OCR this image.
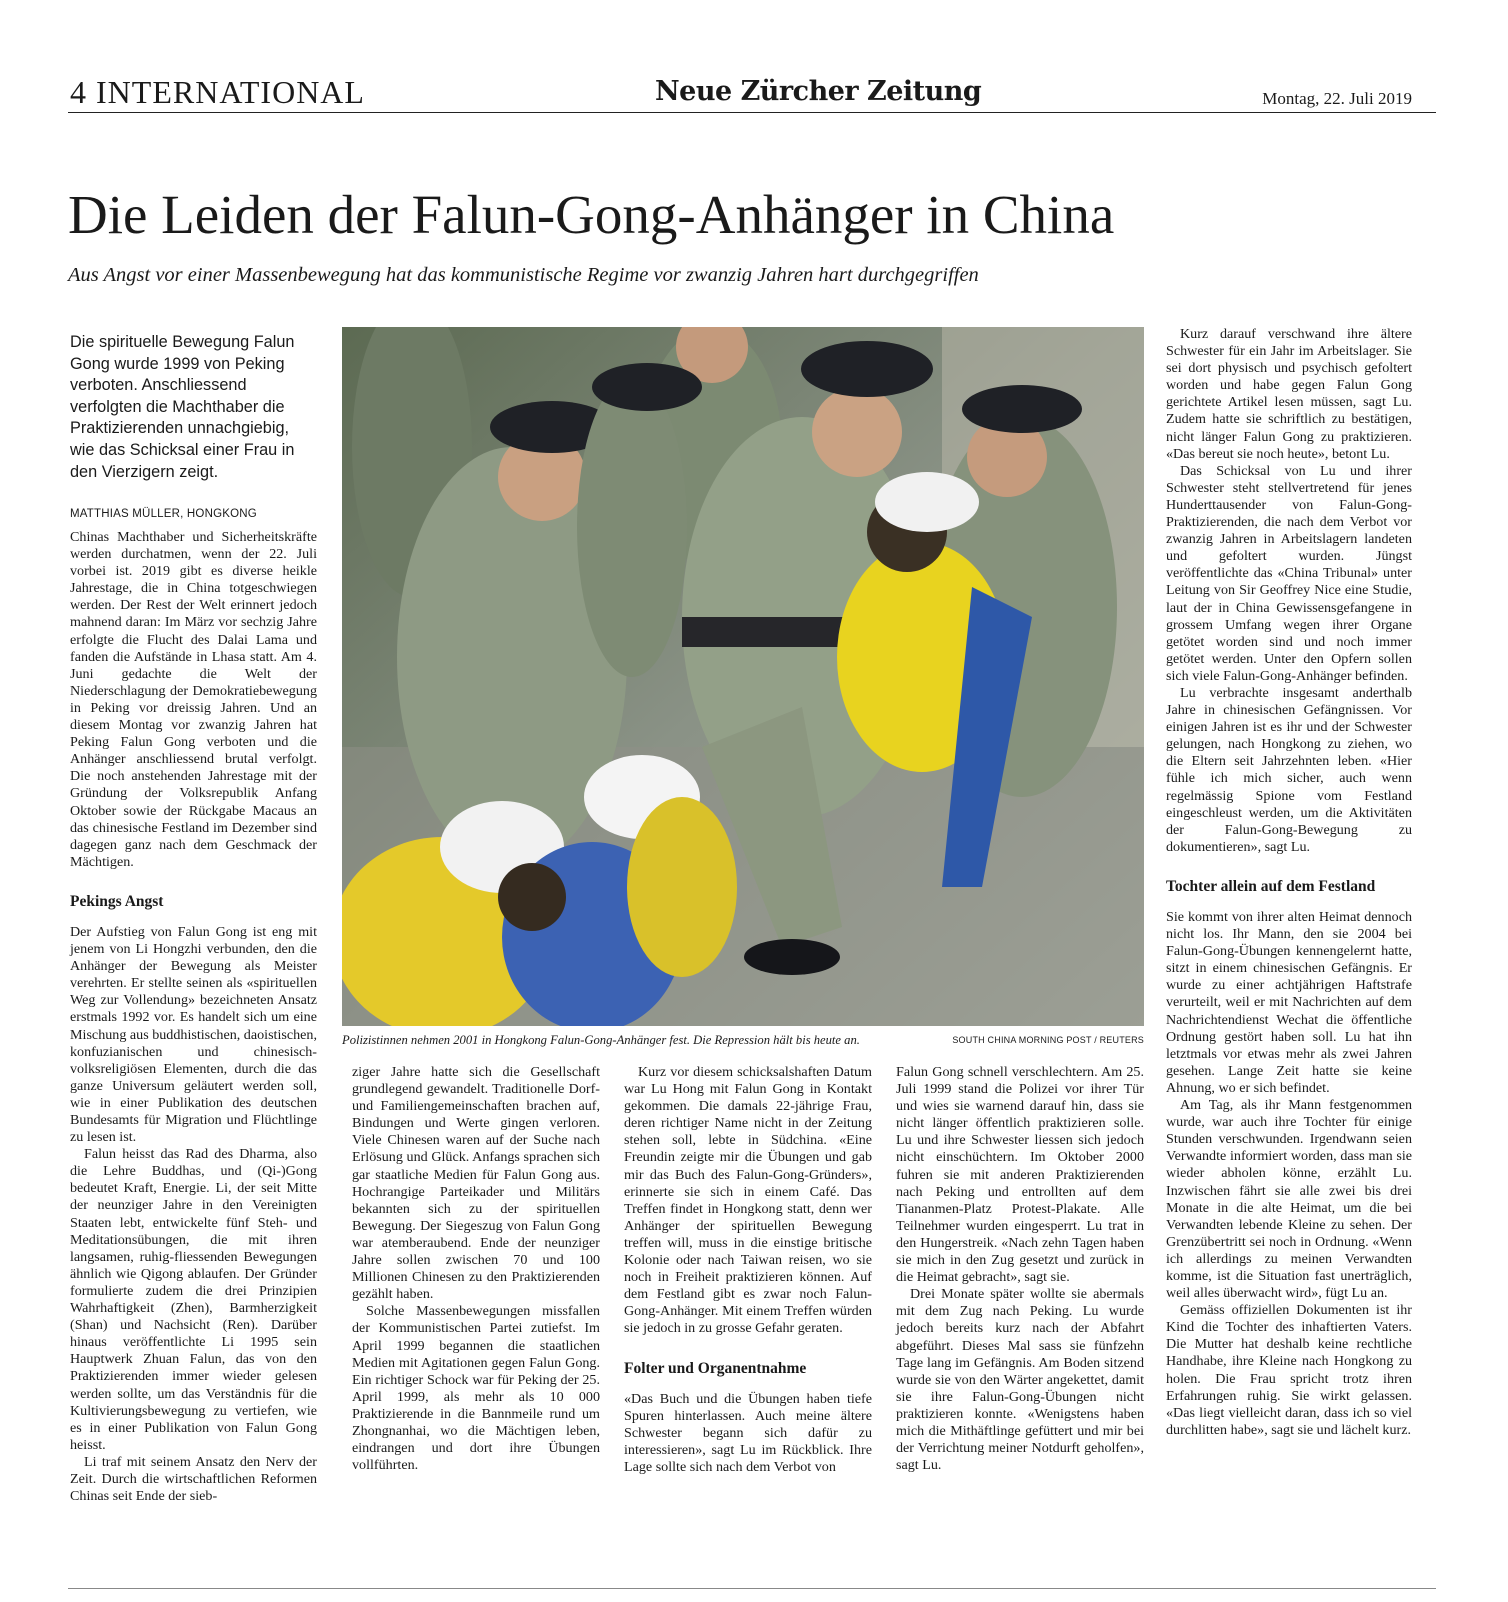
4 INTERNATIONAL	Neue Zürcher Zeitung	Montag, 22. Juli 2019
Die Leiden der Falun-Gong-Anhänger in China
Aus Angst vor einer Massenbewegung hat das kommunistische Regime vor zwanzig Jahren hart durchgegriffen
Die spirituelle Bewegung Falun Gong wurde 1999 von Peking verboten. Anschliessend verfolgten die Machthaber die Praktizierenden unnachgiebig, wie das Schicksal einer Frau in den Vierzigern zeigt.
MATTHIAS MÜLLER, HONGKONG

Chinas Machthaber und Sicherheitskräfte werden durchatmen, wenn der 22. Juli vorbei ist. 2019 gibt es diverse heikle Jahrestage, die in China totgeschwiegen werden. Der Rest der Welt erinnert jedoch mahnend daran: Im März vor sechzig Jahre erfolgte die Flucht des Dalai Lama und fanden die Aufstände in Lhasa statt. Am 4. Juni gedachte die Welt der Niederschlagung der Demokratiebewegung in Peking vor dreissig Jahren. Und an diesem Montag vor zwanzig Jahren hat Peking Falun Gong verboten und die Anhänger anschliessend brutal verfolgt. Die noch anstehenden Jahrestage mit der Gründung der Volksrepublik Anfang Oktober sowie der Rückgabe Macaus an das chinesische Festland im Dezember sind dagegen ganz nach dem Geschmack der Mächtigen.

Pekings Angst

Der Aufstieg von Falun Gong ist eng mit jenem von Li Hongzhi verbunden, den die Anhänger der Bewegung als Meister verehrten. Er stellte seinen als «spirituellen Weg zur Vollendung» bezeichneten Ansatz erstmals 1992 vor. Es handelt sich um eine Mischung aus buddhistischen, daoistischen, konfuzianischen und chinesisch-volksreligiösen Elementen, durch die das ganze Universum geläutert werden soll, wie in einer Publikation des deutschen Bundesamts für Migration und Flüchtlinge zu lesen ist.

Falun heisst das Rad des Dharma, also die Lehre Buddhas, und (Qi-)Gong bedeutet Kraft, Energie. Li, der seit Mitte der neunziger Jahre in den Vereinigten Staaten lebt, entwickelte fünf Steh- und Meditationsübungen, die mit ihren langsamen, ruhig-fliessenden Bewegungen ähnlich wie Qigong ablaufen. Der Gründer formulierte zudem die drei Prinzipien Wahrhaftigkeit (Zhen), Barmherzigkeit (Shan) und Nachsicht (Ren). Darüber hinaus veröffentlichte Li 1995 sein Hauptwerk Zhuan Falun, das von den Praktizierenden immer wieder gelesen werden sollte, um das Verständnis für die Kultivierungsbewegung zu vertiefen, wie es in einer Publikation von Falun Gong heisst.

Li traf mit seinem Ansatz den Nerv der Zeit. Durch die wirtschaftlichen Reformen Chinas seit Ende der sieb-

Polizistinnen nehmen 2001 in Hongkong Falun-Gong-Anhänger fest. Die Repression hält bis heute an.	SOUTH CHINA MORNING POST / REUTERS

ziger Jahre hatte sich die Gesellschaft grundlegend gewandelt. Traditionelle Dorf- und Familiengemeinschaften brachen auf, Bindungen und Werte gingen verloren. Viele Chinesen waren auf der Suche nach Erlösung und Glück. Anfangs sprachen sich gar staatliche Medien für Falun Gong aus. Hochrangige Parteikader und Militärs bekannten sich zu der spirituellen Bewegung. Der Siegeszug von Falun Gong war atemberaubend. Ende der neunziger Jahre sollen zwischen 70 und 100 Millionen Chinesen zu den Praktizierenden gezählt haben.

Solche Massenbewegungen missfallen der Kommunistischen Partei zutiefst. Im April 1999 begannen die staatlichen Medien mit Agitationen gegen Falun Gong. Ein richtiger Schock war für Peking der 25. April 1999, als mehr als 10 000 Praktizierende in die Bannmeile rund um Zhongnanhai, wo die Mächtigen leben, eindrangen und dort ihre Übungen vollführten.

Kurz vor diesem schicksalshaften Datum war Lu Hong mit Falun Gong in Kontakt gekommen. Die damals 22-jährige Frau, deren richtiger Name nicht in der Zeitung stehen soll, lebte in Südchina. «Eine Freundin zeigte mir die Übungen und gab mir das Buch des Falun-Gong-Gründers», erinnerte sie sich in einem Café. Das Treffen findet in Hongkong statt, denn wer Anhänger der spirituellen Bewegung treffen will, muss in die einstige britische Kolonie oder nach Taiwan reisen, wo sie noch in Freiheit praktizieren können. Auf dem Festland gibt es zwar noch Falun-Gong-Anhänger. Mit einem Treffen würden sie jedoch in zu grosse Gefahr geraten.

Folter und Organentnahme

«Das Buch und die Übungen haben tiefe Spuren hinterlassen. Auch meine ältere Schwester begann sich dafür zu interessieren», sagt Lu im Rückblick. Ihre Lage sollte sich nach dem Verbot von

Falun Gong schnell verschlechtern. Am 25. Juli 1999 stand die Polizei vor ihrer Tür und wies sie warnend darauf hin, dass sie nicht länger öffentlich praktizieren solle. Lu und ihre Schwester liessen sich jedoch nicht einschüchtern. Im Oktober 2000 fuhren sie mit anderen Praktizierenden nach Peking und entrollten auf dem Tiananmen-Platz Protest-Plakate. Alle Teilnehmer wurden eingesperrt. Lu trat in den Hungerstreik. «Nach zehn Tagen haben sie mich in den Zug gesetzt und zurück in die Heimat gebracht», sagt sie.

Drei Monate später wollte sie abermals mit dem Zug nach Peking. Lu wurde jedoch bereits kurz nach der Abfahrt abgeführt. Dieses Mal sass sie fünfzehn Tage lang im Gefängnis. Am Boden sitzend wurde sie von den Wärter angekettet, damit sie ihre Falun-Gong-Übungen nicht praktizieren konnte. «Wenigstens haben mich die Mithäftlinge gefüttert und mir bei der Verrichtung meiner Notdurft geholfen», sagt Lu.

Kurz darauf verschwand ihre ältere Schwester für ein Jahr im Arbeitslager. Sie sei dort physisch und psychisch gefoltert worden und habe gegen Falun Gong gerichtete Artikel lesen müssen, sagt Lu. Zudem hatte sie schriftlich zu bestätigen, nicht länger Falun Gong zu praktizieren. «Das bereut sie noch heute», betont Lu.

Das Schicksal von Lu und ihrer Schwester steht stellvertretend für jenes Hunderttausender von Falun-Gong-Praktizierenden, die nach dem Verbot vor zwanzig Jahren in Arbeitslagern landeten und gefoltert wurden. Jüngst veröffentlichte das «China Tribunal» unter Leitung von Sir Geoffrey Nice eine Studie, laut der in China Gewissensgefangene in grossem Umfang wegen ihrer Organe getötet worden sind und noch immer getötet werden. Unter den Opfern sollen sich viele Falun-Gong-Anhänger befinden.

Lu verbrachte insgesamt anderthalb Jahre in chinesischen Gefängnissen. Vor einigen Jahren ist es ihr und der Schwester gelungen, nach Hongkong zu ziehen, wo die Eltern seit Jahrzehnten leben. «Hier fühle ich mich sicher, auch wenn regelmässig Spione vom Festland eingeschleust werden, um die Aktivitäten der Falun-Gong-Bewegung zu dokumentieren», sagt Lu.

Tochter allein auf dem Festland

Sie kommt von ihrer alten Heimat dennoch nicht los. Ihr Mann, den sie 2004 bei Falun-Gong-Übungen kennengelernt hatte, sitzt in einem chinesischen Gefängnis. Er wurde zu einer achtjährigen Haftstrafe verurteilt, weil er mit Nachrichten auf dem Nachrichtendienst Wechat die öffentliche Ordnung gestört haben soll. Lu hat ihn letztmals vor etwas mehr als zwei Jahren gesehen. Lange Zeit hatte sie keine Ahnung, wo er sich befindet.

Am Tag, als ihr Mann festgenommen wurde, war auch ihre Tochter für einige Stunden verschwunden. Irgendwann seien Verwandte informiert worden, dass man sie wieder abholen könne, erzählt Lu. Inzwischen fährt sie alle zwei bis drei Monate in die alte Heimat, um die bei Verwandten lebende Kleine zu sehen. Der Grenzübertritt sei noch in Ordnung. «Wenn ich allerdings zu meinen Verwandten komme, ist die Situation fast unerträglich, weil alles überwacht wird», fügt Lu an.

Gemäss offiziellen Dokumenten ist ihr Kind die Tochter des inhaftierten Vaters. Die Mutter hat deshalb keine rechtliche Handhabe, ihre Kleine nach Hongkong zu holen. Die Frau spricht trotz ihren Erfahrungen ruhig. Sie wirkt gelassen. «Das liegt vielleicht daran, dass ich so viel durchlitten habe», sagt sie und lächelt kurz.
